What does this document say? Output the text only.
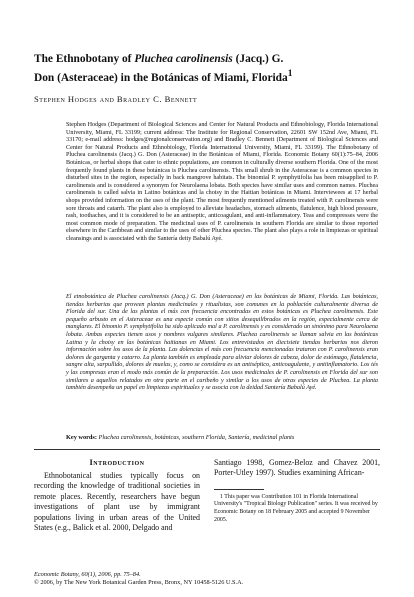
The Ethnobotany of Pluchea carolinensis (Jacq.) G.
Don (Asteraceae) in the Botánicas of Miami, Florida$^1$

Stephen Hodges and Bradley C. Bennett

Stephen Hodges (Department of Biological Sciences and Center for Natural Products and Ethnobiology, Florida International University, Miami, FL 33199; current address: The Institute for Regional Conservation, 22601 SW 152nd Ave, Miami, FL 33170; e-mail address: hodges@regionalconservation.org) and Bradley C. Bennett (Department of Biological Sciences and Center for Natural Products and Ethnobiology, Florida International University, Miami, FL 33199). The Ethnobotany of Pluchea carolinensis (Jacq.) G. Don (Asteraceae) in the Botánicas of Miami, Florida. Economic Botany 60(1):75–84, 2006 Botánicas, or herbal shops that cater to ethnic populations, are common in culturally diverse southern Florida. One of the most frequently found plants in these botánicas is Pluchea carolinensis. This small shrub in the Asteraceae is a common species in disturbed sites in the region, especially in back mangrove habitats. The binomial P. symphytifolia has been misapplied to P. carolinensis and is considered a synonym for Neurolaena lobata. Both species have similar uses and common names. Pluchea carolinensis is called salvia in Latino botánicas and la choisy in the Haitian botánicas in Miami. Interviewees at 17 herbal shops provided information on the uses of the plant. The most frequently mentioned ailments treated with P. carolinensis were sore throats and catarrh. The plant also is employed to alleviate headaches, stomach ailments, flatulence, high blood pressure, rash, toothaches, and it is considered to be an antiseptic, anticoagulant, and anti-inflammatory. Teas and compresses were the most common mode of preparation. The medicinal uses of P. carolinensis in southern Florida are similar to those reported elsewhere in the Caribbean and similar to the uses of other Pluchea species. The plant also plays a role in limpiezas or spiritual cleansings and is associated with the Santería deity Babalú Ayé.

El etnobotánica de Pluchea carolinensis (Jacq.) G. Don (Asteraceae) en las botánicas de Miami, Florida. Las botánicas, tiendas herbarias que proveen plantas medicinales y ritualistas, son comunes en la población culturalmente diversa de Florida del sur. Una de las plantas el más con frecuencia encontradas en estos botánicas es Pluchea carolinensis. Este pequeño arbusto en el Asteraceae es una especie común con sitios desequilibrados en la región, especialmente cerca de manglares. El binomio P. symphytifolia ha sido aplicado mal a P. carolinensis y es considerado un sinónimo para Neurolaena lobata. Ambas especies tienen usos y nombres vulgares similares. Pluchea carolinensis se llaman salvia en las botánicas Latina y la choisy en las botánicas haitianas en Miami. Los entrevistados en diecisiete tiendas herbarias nos dieron información sobre los usos de la planta. Las dolencias el más con frecuencia mencionadas trataron con P. carolinensis eran dolores de garganta y catarro. La planta también es empleada para aliviar dolores de cabeza, dolor de estómago, flatulencia, sangre alta, sarpullido, dolores de muelas, y, como se considera es un antiséptico, anticoagulante, y antiinflamatorio. Los tés y las compresas eran el modo más común de la preparación. Los usos medicinales de P. carolinensis en Florida del sur son similares a aquellos relatados en otra parte en el caribeño y similar a los usos de otras especies de Pluchea. La planta también desempeña un papel en limpiezas espirituales y se asocia con la deidad Santería Babalú Ayé.

Key words: Pluchea carolinensis, botánicas, southern Florida, Santería, medicinal plants

Introduction

Ethnobotanical studies typically focus on recording the knowledge of traditional societies in remote places. Recently, researchers have begun investigations of plant use by immigrant populations living in urban areas of the United States (e.g., Balick et al. 2000, Delgado and

Santiago 1998, Gomez-Beloz and Chavez 2001, Porter-Utley 1997). Studies examining African-

1 This paper was Contribution 101 in Florida International University's "Tropical Biology Publication" series. It was received by Economic Botany on 18 February 2005 and accepted 9 November 2005.

Economic Botany, 60(1), 2006, pp. 75–84.
© 2006, by The New York Botanical Garden Press, Bronx, NY 10458-5126 U.S.A.
